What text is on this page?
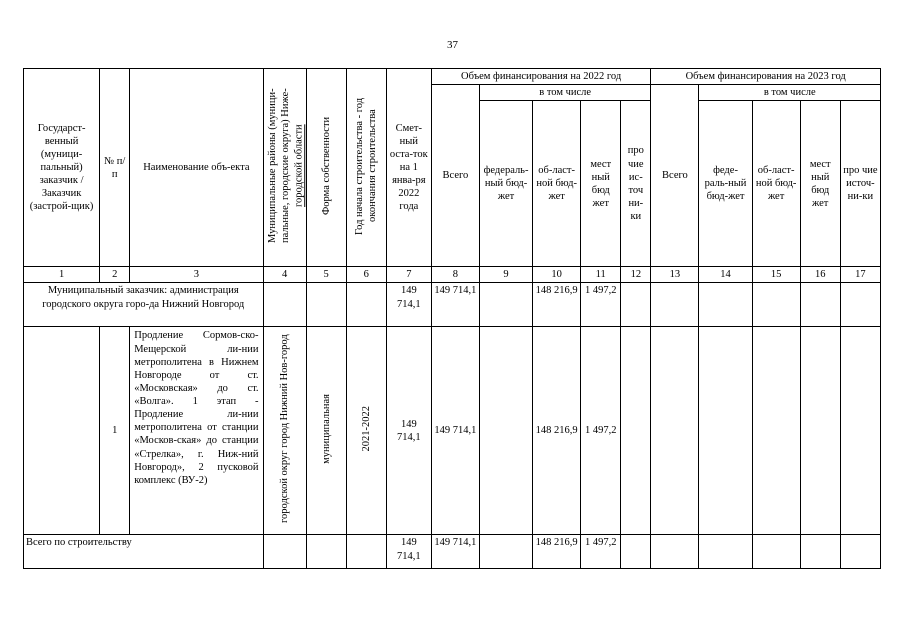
37
Государст-венный (муници-пальный) заказчик / Заказчик (застрой-щик)	№ п/п	Наименование объ-екта	Муниципальные районы (муници-пальные, городские округа) Ниже- городской области	Форма собственности	Год начала строительства - год окончания строительства	Смет-ный оста-ток на 1 янва-ря 2022 года	Объем финансирования на 2022 год					Объем финансирования на 2023 год				
							Всего	в том числе				Всего	в том числе			
								федераль-ный бюд-жет	об-ласт-ной бюд-жет	мест ный бюд жет	про чие ис-точ ни-ки		феде-раль-ный бюд-жет	об-ласт-ной бюд-жет	мест ный бюд жет	про чие источ-ни-ки
1	2	3	4	5	6	7	8	9	10	11	12	13	14	15	16	17
Муниципальный заказчик: администрация городского округа горо-да Нижний Новгород						149 714,1	149 714,1		148 216,9	1 497,2						
	1	Продление Сормов-ско-Мещерской ли-нии метрополитена в Нижнем Новгороде от ст. «Московская» до ст. «Волга». 1 этап - Продление ли-нии метрополитена от станции «Москов-ская» до станции «Стрелка», г. Ниж-ний Новгород», 2 пусковой комплекс (ВУ-2)	городской округ город Нижний Нов-город	муниципальная	2021-2022	149 714,1	149 714,1		148 216,9	1 497,2						
Всего по строительству						149 714,1	149 714,1		148 216,9	1 497,2						
